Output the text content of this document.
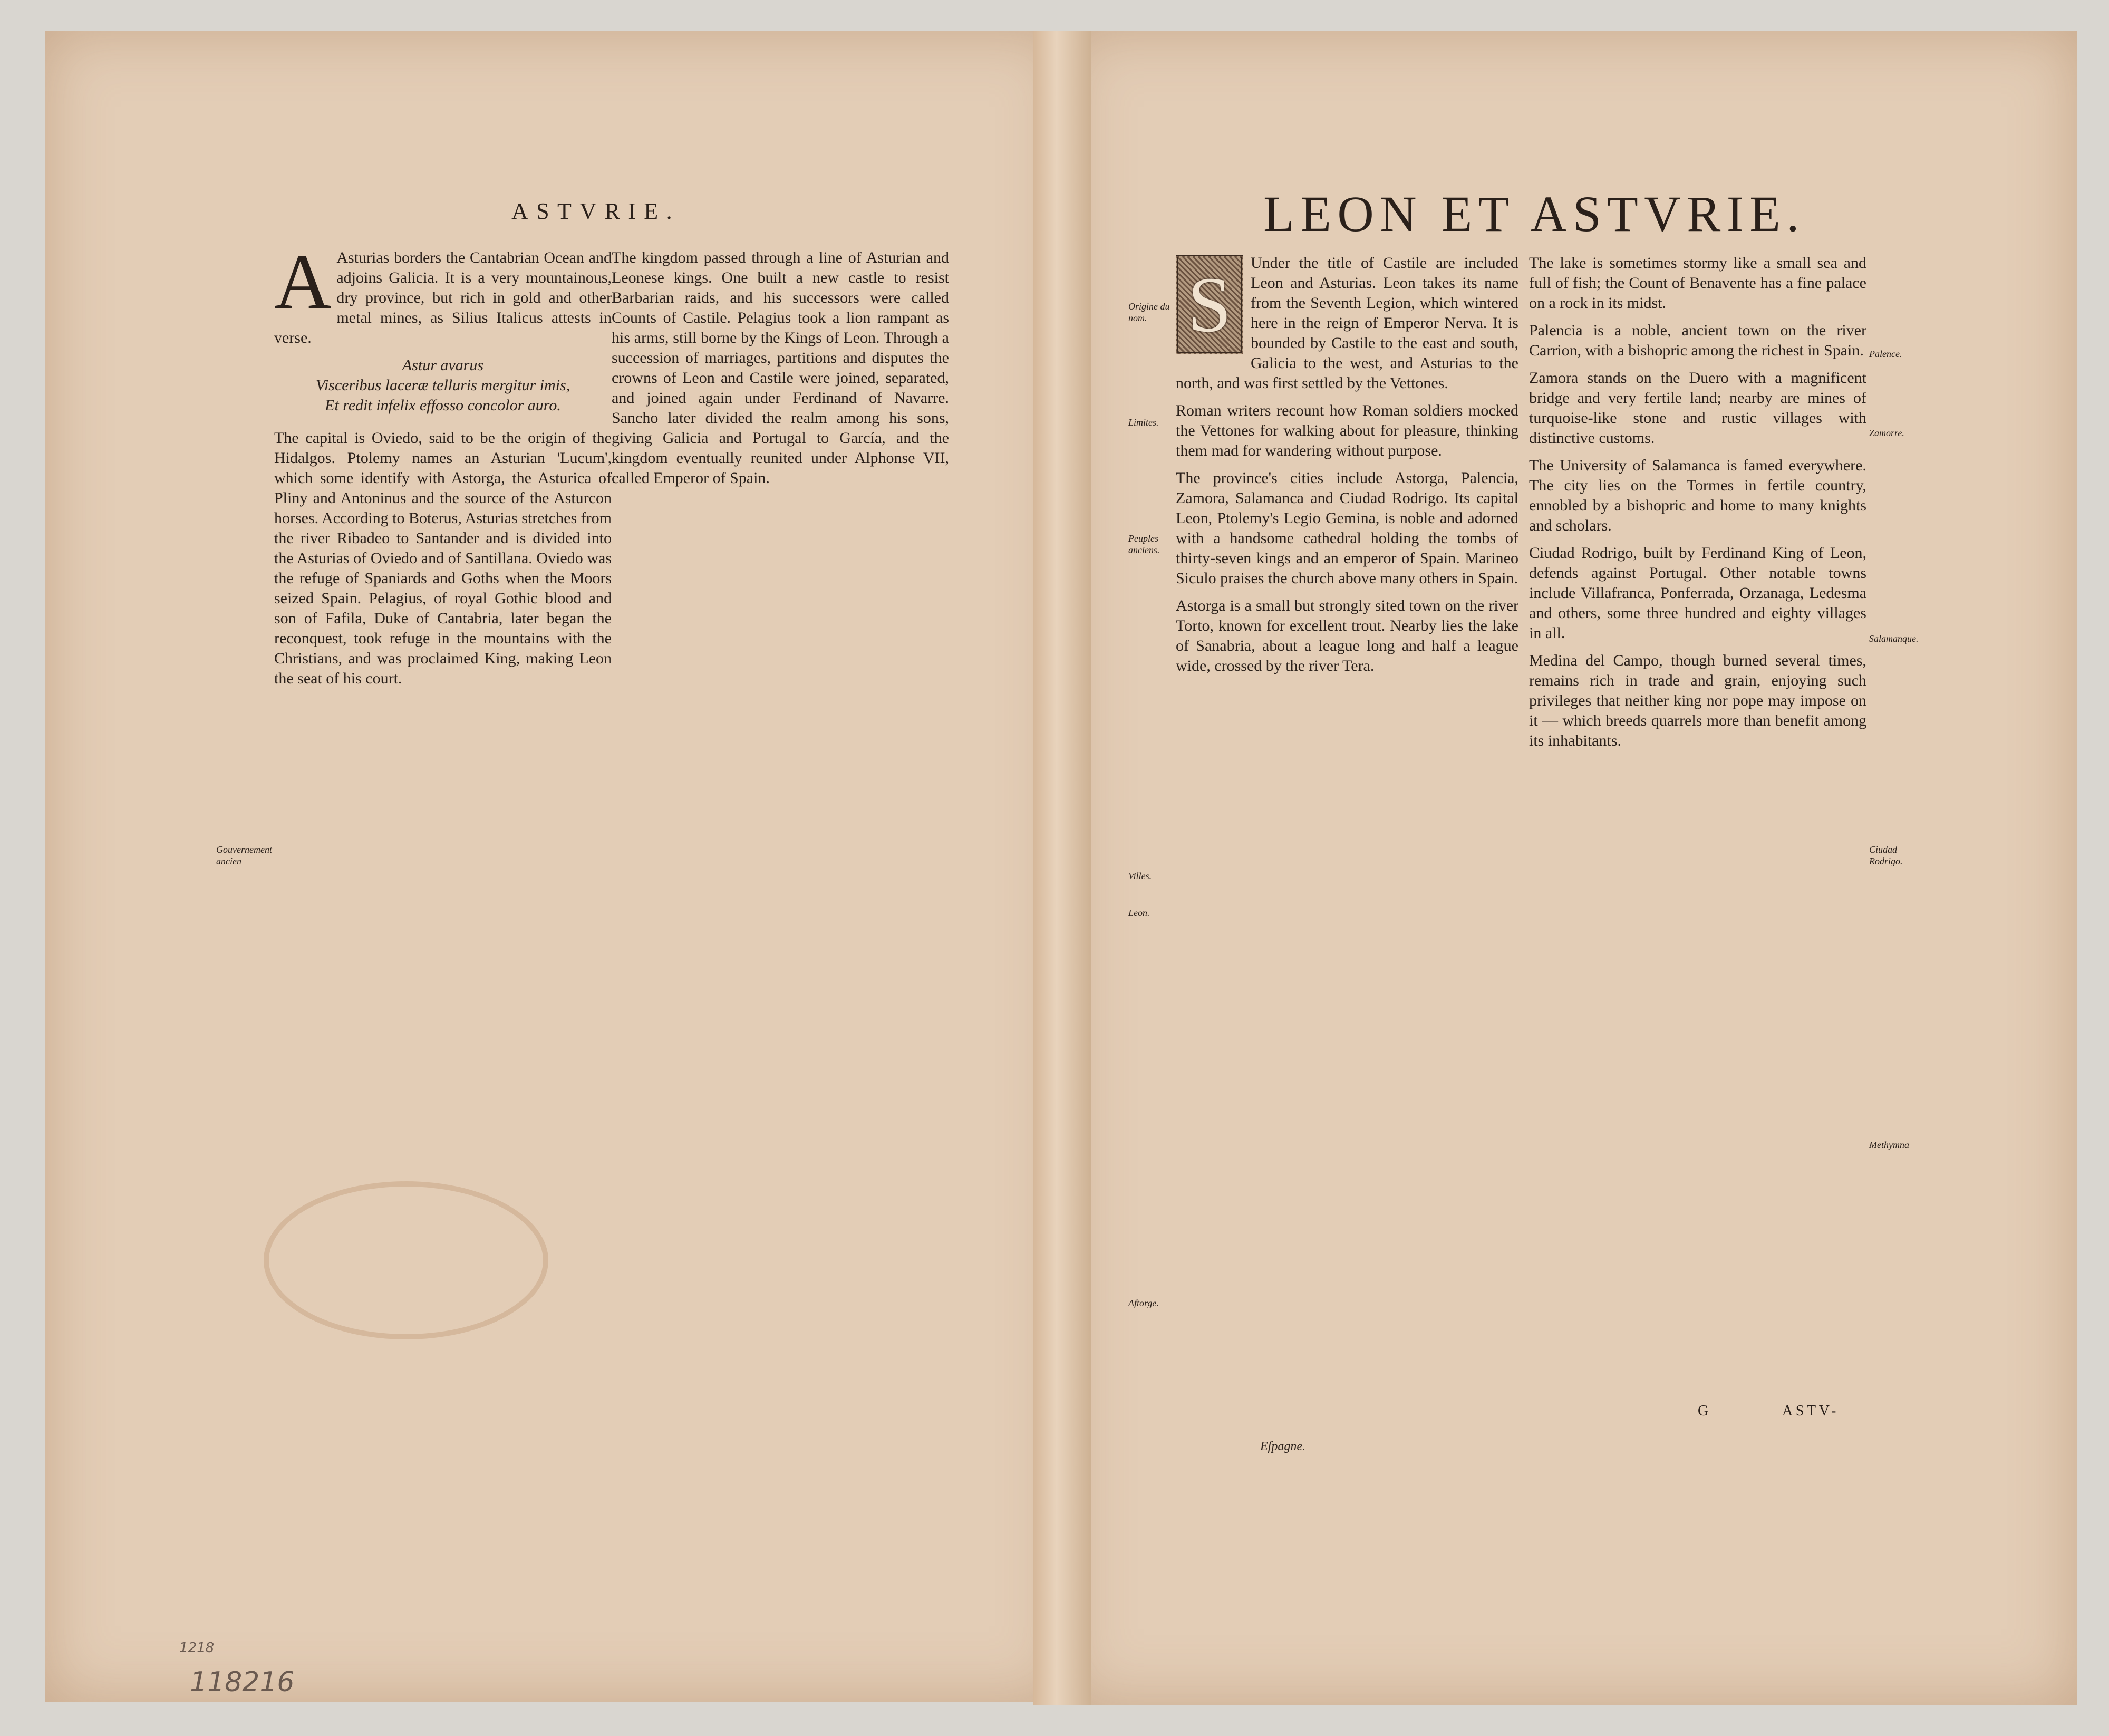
ASTVRIE.

A Asturias borders the Cantabrian Ocean and adjoins Galicia. It is a very mountainous, dry province, but rich in gold and other metal mines, as Silius Italicus attests in verse.

Astur avarus
Visceribus laceræ telluris mergitur imis,
Et redit infelix effosso concolor auro.

The capital is Oviedo, said to be the origin of the Hidalgos. Ptolemy names an Asturian 'Lucum', which some identify with Astorga, the Asturica of Pliny and Antoninus and the source of the Asturcon horses. According to Boterus, Asturias stretches from the river Ribadeo to Santander and is divided into the Asturias of Oviedo and of Santillana. Oviedo was the refuge of Spaniards and Goths when the Moors seized Spain. Pelagius, of royal Gothic blood and son of Fafila, Duke of Cantabria, later began the reconquest, took refuge in the mountains with the Christians, and was proclaimed King, making Leon the seat of his court.

The kingdom passed through a line of Asturian and Leonese kings. One built a new castle to resist Barbarian raids, and his successors were called Counts of Castile. Pelagius took a lion rampant as his arms, still borne by the Kings of Leon. Through a succession of marriages, partitions and disputes the crowns of Leon and Castile were joined, separated, and joined again under Ferdinand of Navarre. Sancho later divided the realm among his sons, giving Galicia and Portugal to García, and the kingdom eventually reunited under Alphonse VII, called Emperor of Spain.

Gouvernement ancien
1218
118216
LEON ET ASTVRIE.

S	Under the title of Castile are included Leon and Asturias. Leon takes its name from the Seventh Legion, which wintered here in the reign of Emperor Nerva. It is bounded by Castile to the east and south, Galicia to the west, and Asturias to the north, and was first settled by the Vettones.

Roman writers recount how Roman soldiers mocked the Vettones for walking about for pleasure, thinking them mad for wandering without purpose.

The province's cities include Astorga, Palencia, Zamora, Salamanca and Ciudad Rodrigo. Its capital Leon, Ptolemy's Legio Gemina, is noble and adorned with a handsome cathedral holding the tombs of thirty-seven kings and an emperor of Spain. Marineo Siculo praises the church above many others in Spain.

Astorga is a small but strongly sited town on the river Torto, known for excellent trout. Nearby lies the lake of Sanabria, about a league long and half a league wide, crossed by the river Tera.

The lake is sometimes stormy like a small sea and full of fish; the Count of Benavente has a fine palace on a rock in its midst.

Palencia is a noble, ancient town on the river Carrion, with a bishopric among the richest in Spain.

Zamora stands on the Duero with a magnificent bridge and very fertile land; nearby are mines of turquoise-like stone and rustic villages with distinctive customs.

The University of Salamanca is famed everywhere. The city lies on the Tormes in fertile country, ennobled by a bishopric and home to many knights and scholars.

Ciudad Rodrigo, built by Ferdinand King of Leon, defends against Portugal. Other notable towns include Villafranca, Ponferrada, Orzanaga, Ledesma and others, some three hundred and eighty villages in all.

Medina del Campo, though burned several times, remains rich in trade and grain, enjoying such privileges that neither king nor pope may impose on it — which breeds quarrels more than benefit among its inhabitants.

Origine du nom.
Limites.
Peuples anciens.
Villes.
Leon.
Aftorge.
Palence.
Zamorre.
Salamanque.
Ciudad Rodrigo.
Methymna
Eſpagne.
G	ASTV-
